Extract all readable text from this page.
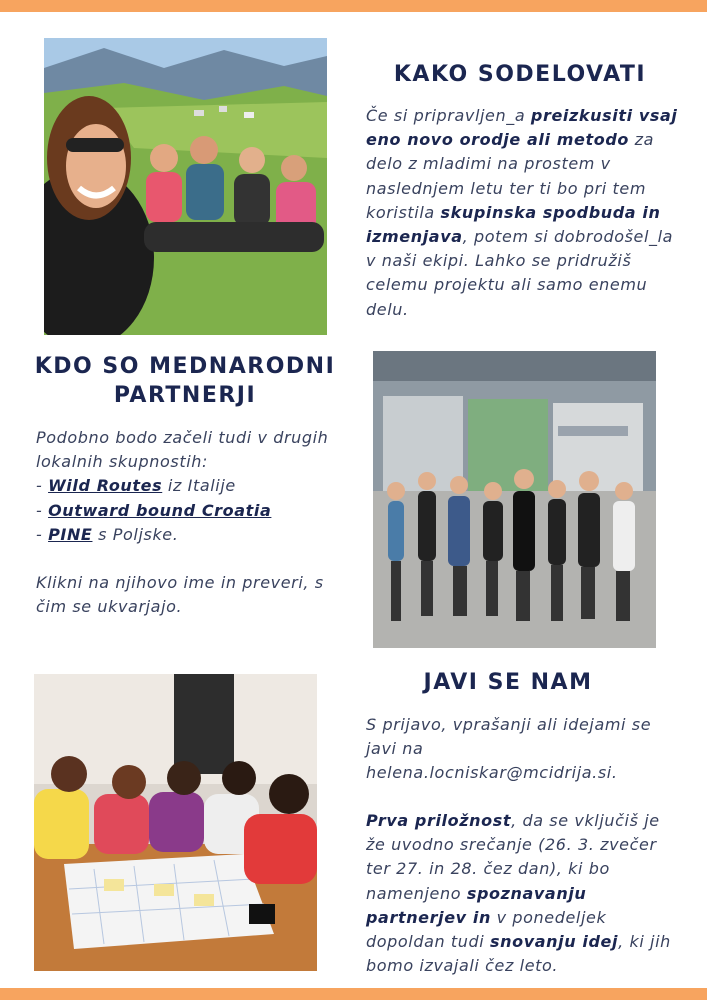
KAKO SODELOVATI

Če si pripravljen_a preizkusiti vsaj eno novo orodje ali metodo za delo z mladimi na prostem v naslednjem letu ter ti bo pri tem koristila skupinska spodbuda in izmenjava, potem si dobrodošel_la v naši ekipi. Lahko se pridružiš celemu projektu ali samo enemu delu.

KDO SO MEDNARODNI
PARTNERJI
Podobno bodo začeli tudi v drugih lokalnih skupnostih:
- Wild Routes iz Italije
- Outward bound Croatia
- PINE s Poljske.

Klikni na njihovo ime in preveri, s čim se ukvarjajo.
JAVI SE NAM

S prijavo, vprašanji ali idejami se javi na helena.locniskar@mcidrija.si.

Prva priložnost, da se vključiš je že uvodno srečanje (26. 3. zvečer ter 27. in 28. čez dan), ki bo namenjeno spoznavanju partnerjev in v ponedeljek dopoldan tudi snovanju idej, ki jih bomo izvajali čez leto.
